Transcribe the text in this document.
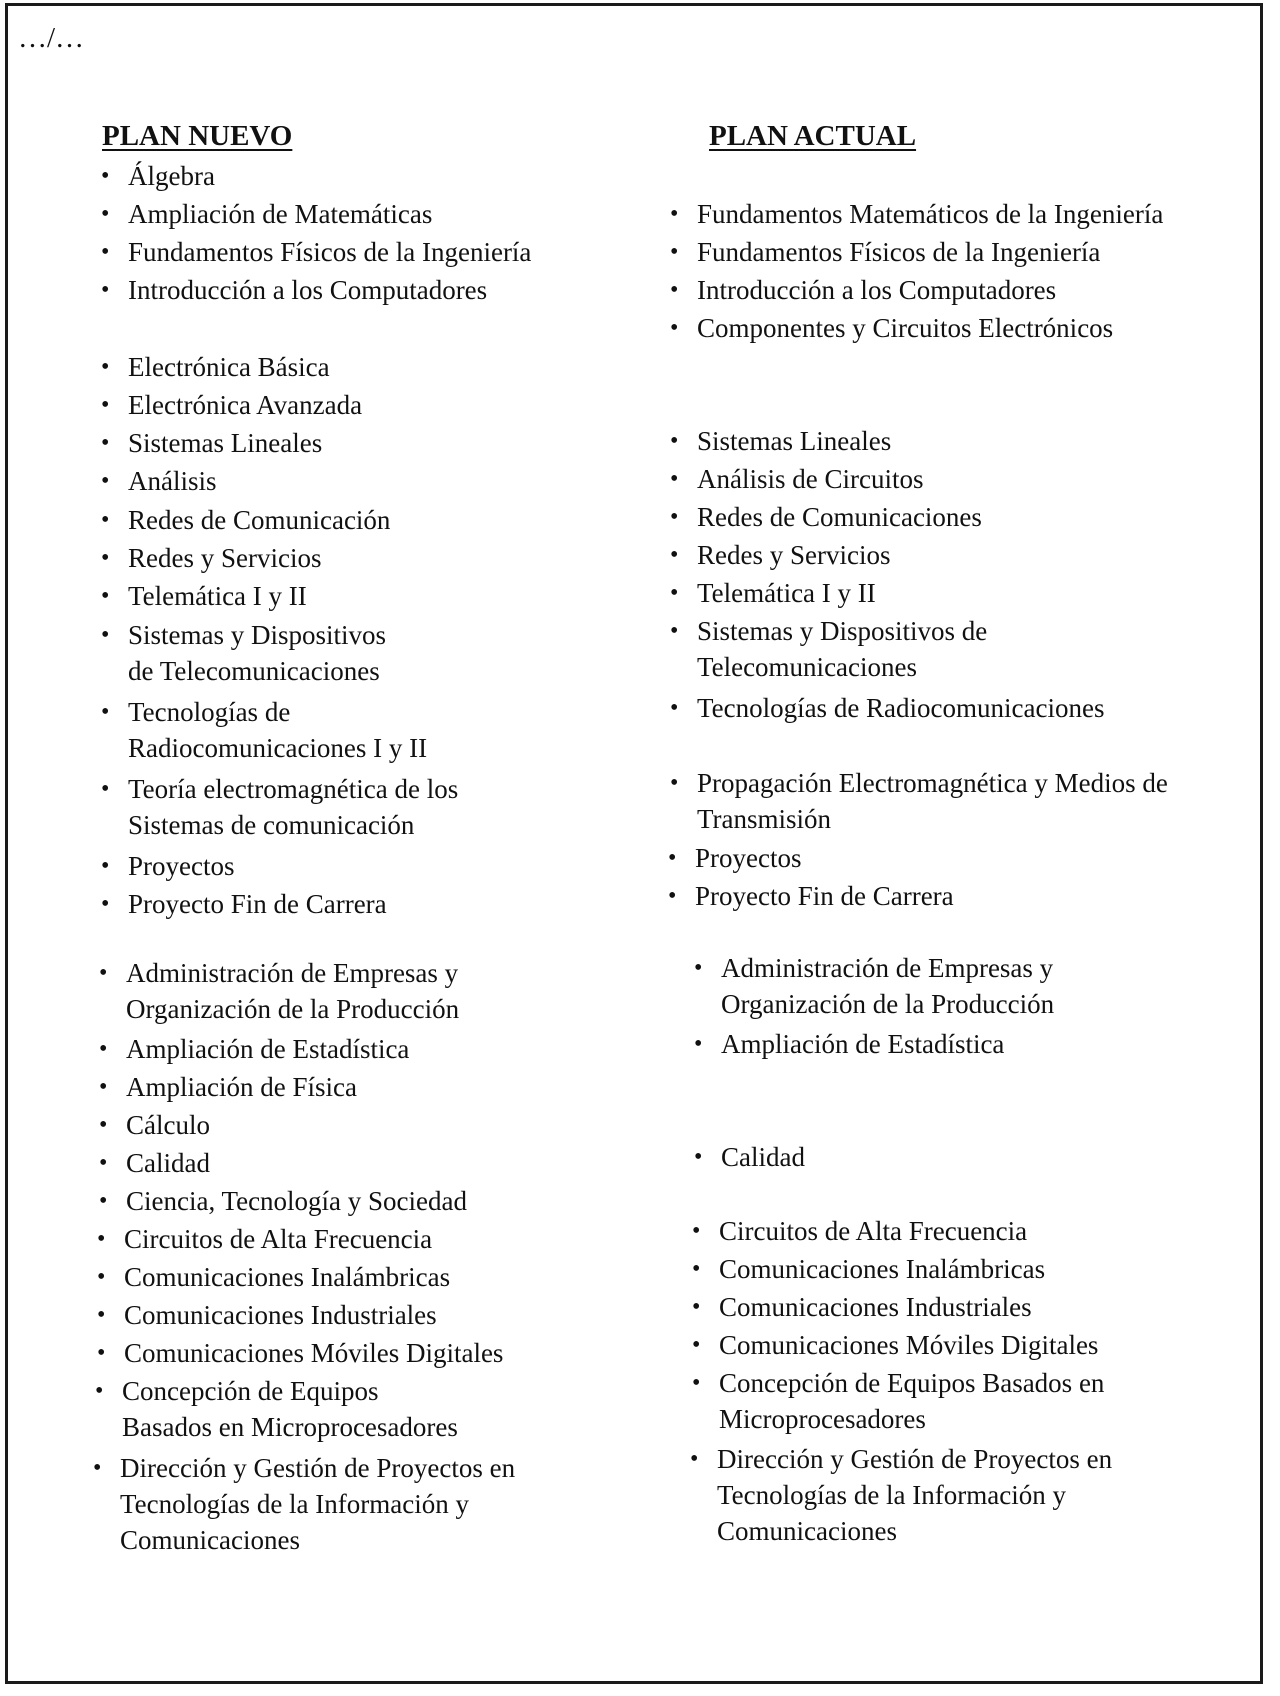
…/…
PLAN NUEVO	PLAN ACTUAL
• Álgebra
• Ampliación de Matemáticas
• Fundamentos Físicos de la Ingeniería
• Introducción a los Computadores
• Electrónica Básica
• Electrónica Avanzada
• Sistemas Lineales
• Análisis
• Redes de Comunicación
• Redes y Servicios
• Telemática I y II
• Sistemas y Dispositivos
de Telecomunicaciones
• Tecnologías de
Radiocomunicaciones I y II
• Teoría electromagnética de los
Sistemas de comunicación
• Proyectos
• Proyecto Fin de Carrera
• Administración de Empresas y
Organización de la Producción
• Ampliación de Estadística
• Ampliación de Física
• Cálculo
• Calidad
• Ciencia, Tecnología y Sociedad
• Circuitos de Alta Frecuencia
• Comunicaciones Inalámbricas
• Comunicaciones Industriales
• Comunicaciones Móviles Digitales
• Concepción de Equipos
Basados en Microprocesadores
• Dirección y Gestión de Proyectos en
Tecnologías de la Información y
Comunicaciones
• Fundamentos Matemáticos de la Ingeniería
• Fundamentos Físicos de la Ingeniería
• Introducción a los Computadores
• Componentes y Circuitos Electrónicos
• Sistemas Lineales
• Análisis de Circuitos
• Redes de Comunicaciones
• Redes y Servicios
• Telemática I y II
• Sistemas y Dispositivos de
Telecomunicaciones
• Tecnologías de Radiocomunicaciones
• Propagación Electromagnética y Medios de
Transmisión
• Proyectos
• Proyecto Fin de Carrera
• Administración de Empresas y
Organización de la Producción
• Ampliación de Estadística
• Calidad
• Circuitos de Alta Frecuencia
• Comunicaciones Inalámbricas
• Comunicaciones Industriales
• Comunicaciones Móviles Digitales
• Concepción de Equipos Basados en
Microprocesadores
• Dirección y Gestión de Proyectos en
Tecnologías de la Información y
Comunicaciones
